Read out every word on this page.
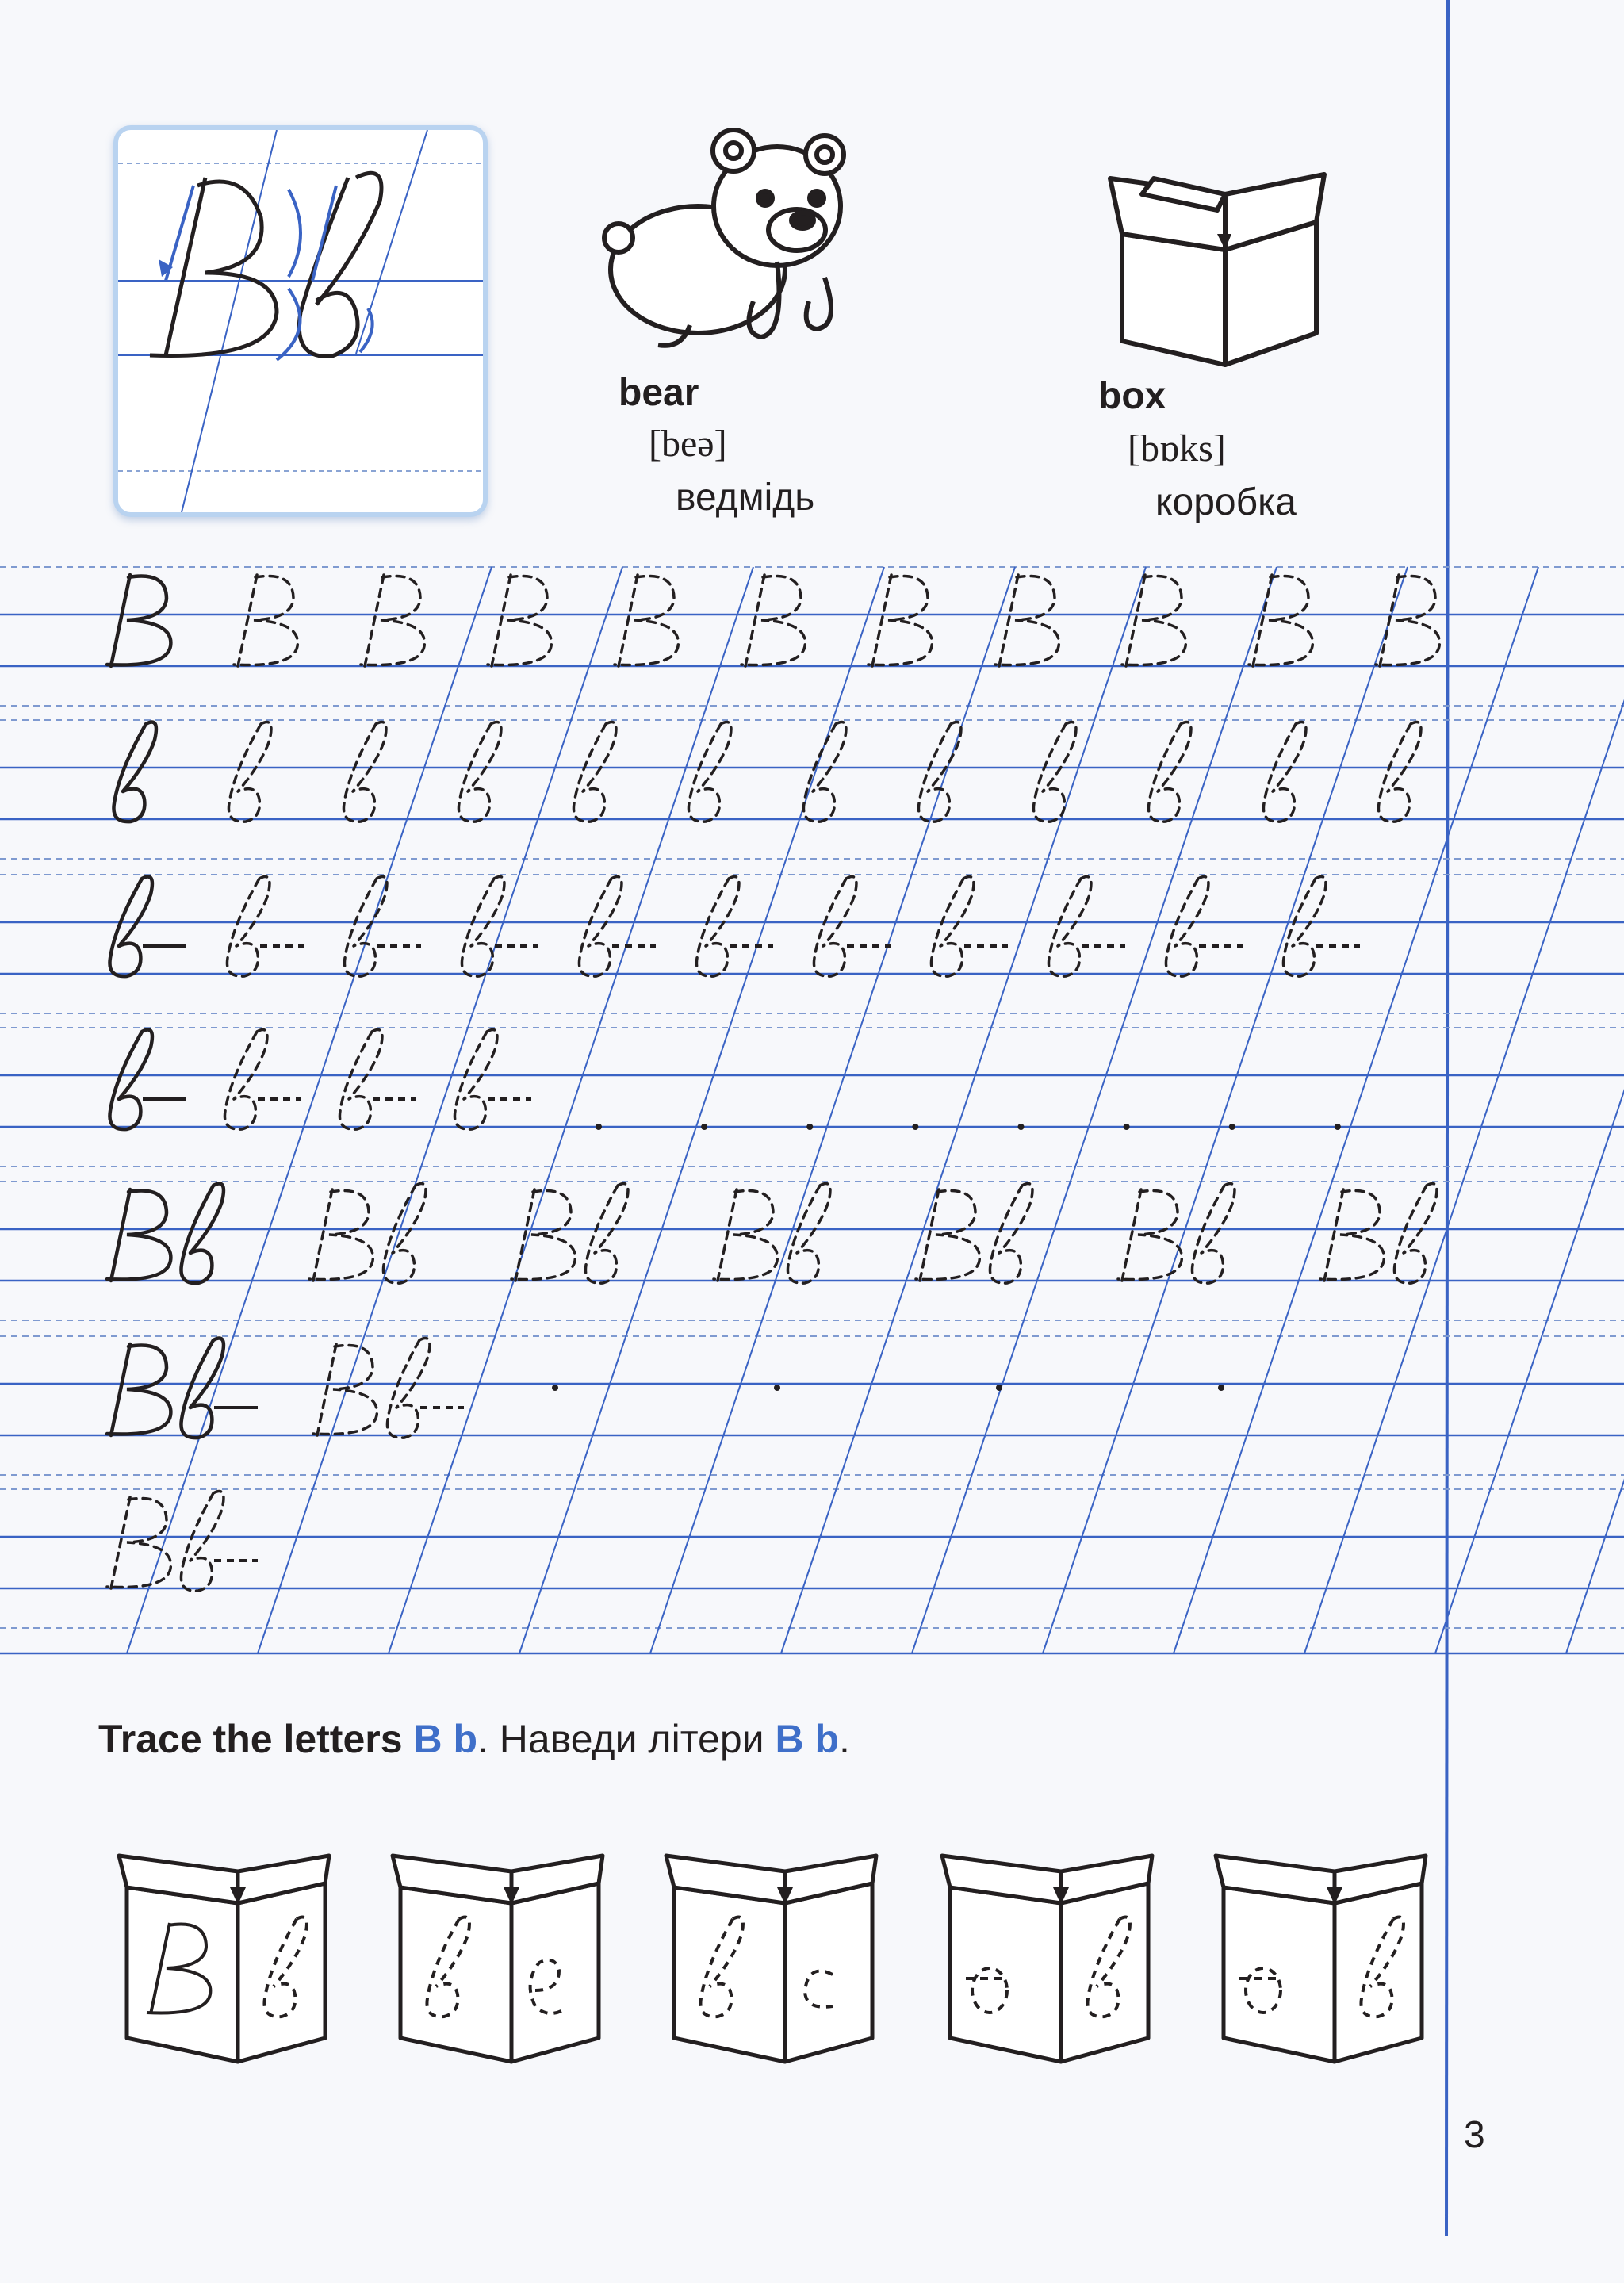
bear
[beə]
ведмідь
box
[bɒks]
коробка
Trace the letters B b. Наведи літери B b.
3
